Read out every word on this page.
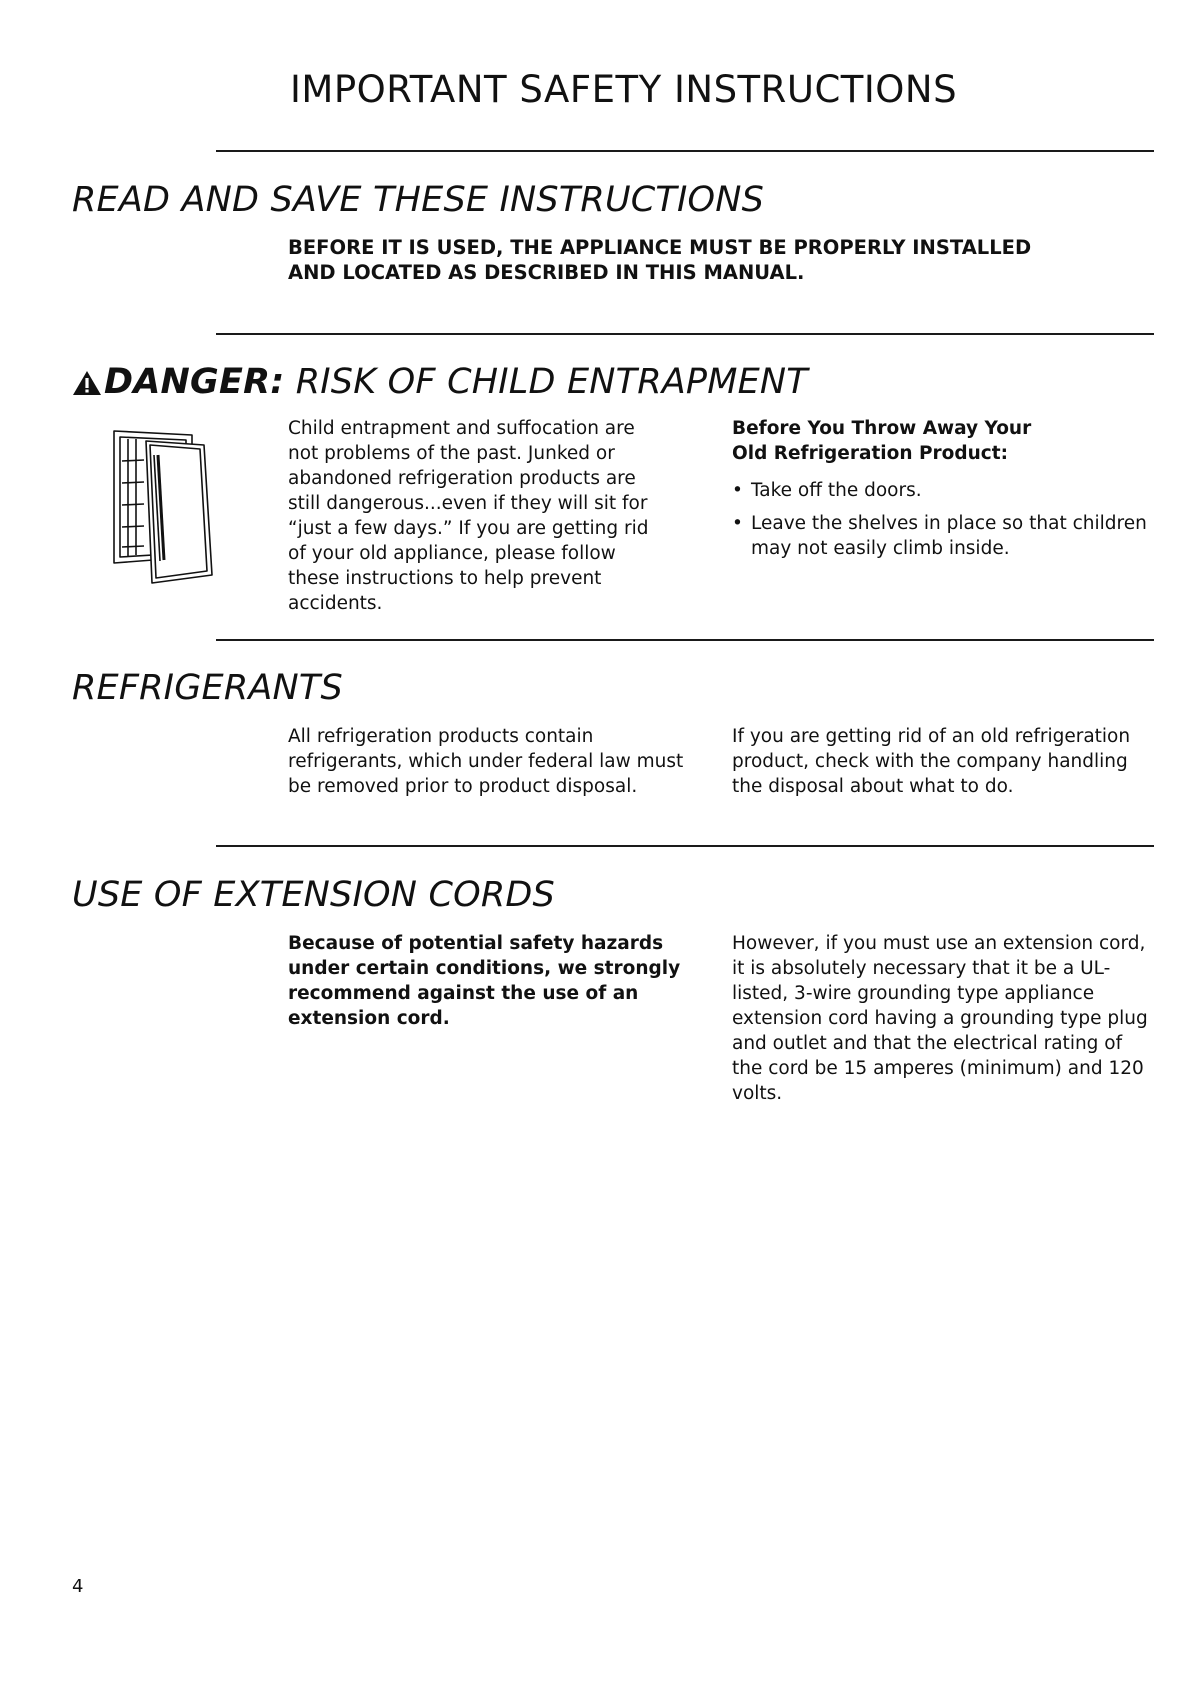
IMPORTANT SAFETY INSTRUCTIONS
READ AND SAVE THESE INSTRUCTIONS
BEFORE IT IS USED, THE APPLIANCE MUST BE PROPERLY INSTALLED
AND LOCATED AS DESCRIBED IN THIS MANUAL.
DANGER: RISK OF CHILD ENTRAPMENT
Child entrapment and suffocation are not problems of the past. Junked or abandoned refrigeration products are still dangerous...even if they will sit for “just a few days.” If you are getting rid of your old appliance, please follow these instructions to help prevent accidents.
Before You Throw Away Your Old Refrigeration Product:
• Take off the doors.
• Leave the shelves in place so that children may not easily climb inside.
REFRIGERANTS
All refrigeration products contain refrigerants, which under federal law must be removed prior to product disposal.
If you are getting rid of an old refrigeration product, check with the company handling the disposal about what to do.
USE OF EXTENSION CORDS
Because of potential safety hazards under certain conditions, we strongly recommend against the use of an extension cord.
However, if you must use an extension cord, it is absolutely necessary that it be a UL-listed, 3-wire grounding type appliance extension cord having a grounding type plug and outlet and that the electrical rating of the cord be 15 amperes (minimum) and 120 volts.
4
